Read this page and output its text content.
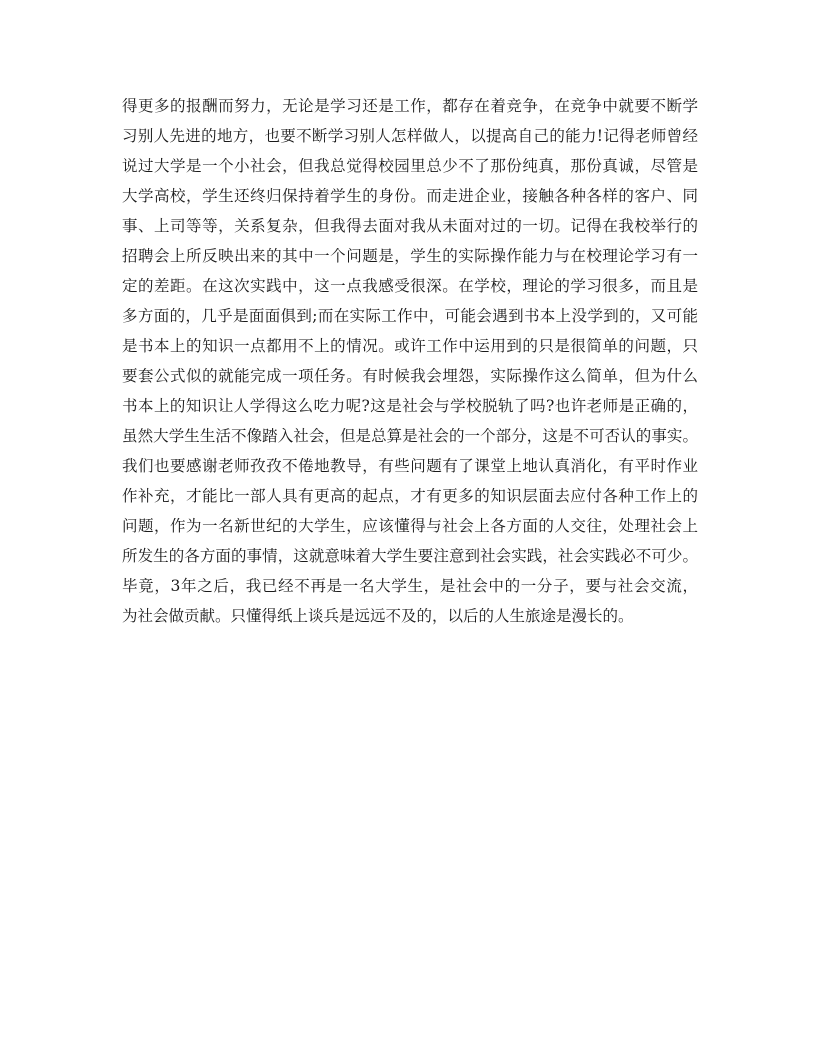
得更多的报酬而努力，无论是学习还是工作，都存在着竞争，在竞争中就要不断学
习别人先进的地方，也要不断学习别人怎样做人，以提高自己的能力!记得老师曾经
说过大学是一个小社会，但我总觉得校园里总少不了那份纯真，那份真诚，尽管是
大学高校，学生还终归保持着学生的身份。而走进企业，接触各种各样的客户、同
事、上司等等，关系复杂，但我得去面对我从未面对过的一切。记得在我校举行的
招聘会上所反映出来的其中一个问题是，学生的实际操作能力与在校理论学习有一
定的差距。在这次实践中，这一点我感受很深。在学校，理论的学习很多，而且是
多方面的，几乎是面面俱到;而在实际工作中，可能会遇到书本上没学到的，又可能
是书本上的知识一点都用不上的情况。或许工作中运用到的只是很简单的问题，只
要套公式似的就能完成一项任务。有时候我会埋怨，实际操作这么简单，但为什么
书本上的知识让人学得这么吃力呢?这是社会与学校脱轨了吗?也许老师是正确的，
虽然大学生生活不像踏入社会，但是总算是社会的一个部分，这是不可否认的事实。
我们也要感谢老师孜孜不倦地教导，有些问题有了课堂上地认真消化，有平时作业
作补充，才能比一部人具有更高的起点，才有更多的知识层面去应付各种工作上的
问题，作为一名新世纪的大学生，应该懂得与社会上各方面的人交往，处理社会上
所发生的各方面的事情，这就意味着大学生要注意到社会实践，社会实践必不可少。
毕竟，3年之后，我已经不再是一名大学生，是社会中的一分子，要与社会交流，
为社会做贡献。只懂得纸上谈兵是远远不及的，以后的人生旅途是漫长的。
